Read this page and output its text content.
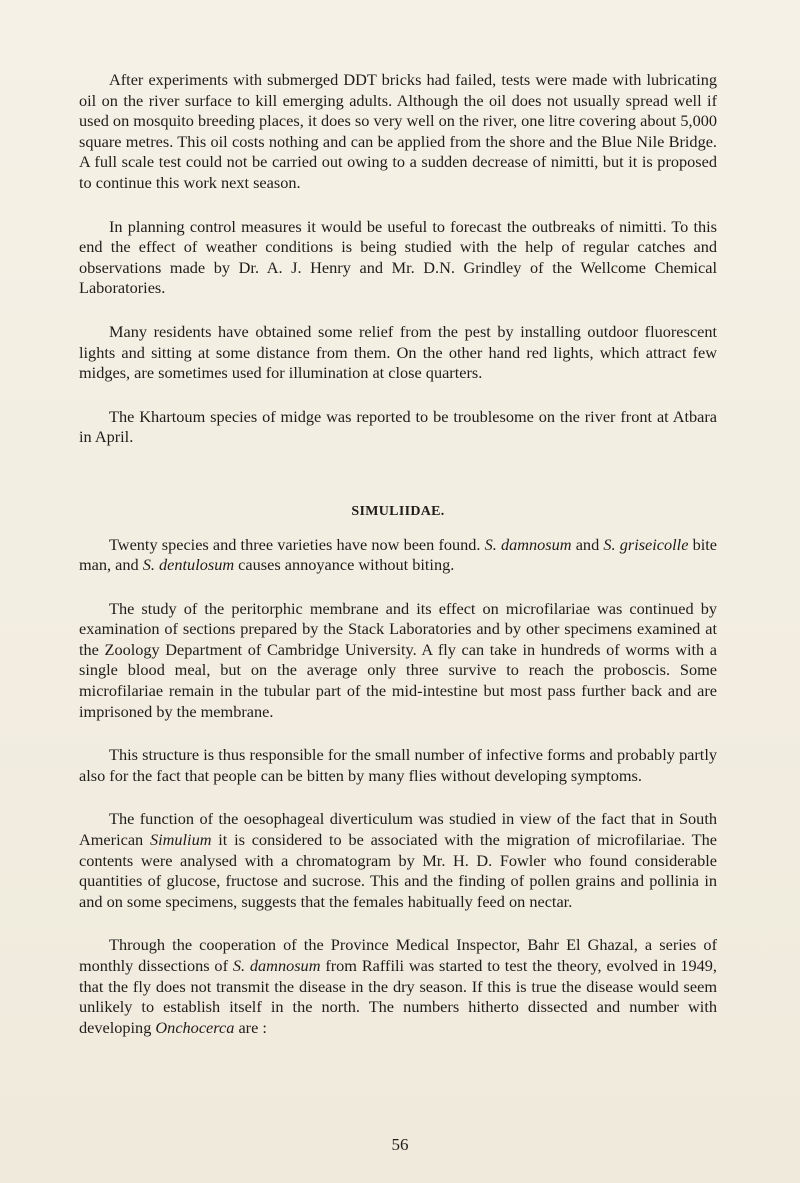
After experiments with submerged DDT bricks had failed, tests were made with lubricating oil on the river surface to kill emerging adults. Although the oil does not usually spread well if used on mosquito breeding places, it does so very well on the river, one litre covering about 5,000 square metres. This oil costs nothing and can be applied from the shore and the Blue Nile Bridge. A full scale test could not be carried out owing to a sudden decrease of nimitti, but it is proposed to continue this work next season.

In planning control measures it would be useful to forecast the outbreaks of nimitti. To this end the effect of weather conditions is being studied with the help of regular catches and observations made by Dr. A. J. Henry and Mr. D.N. Grindley of the Wellcome Chemical Laboratories.

Many residents have obtained some relief from the pest by installing outdoor fluorescent lights and sitting at some distance from them. On the other hand red lights, which attract few midges, are sometimes used for illumination at close quarters.

The Khartoum species of midge was reported to be troublesome on the river front at Atbara in April.

SIMULIIDAE.

Twenty species and three varieties have now been found. S. damnosum and S. griseicolle bite man, and S. dentulosum causes annoyance without biting.

The study of the peritorphic membrane and its effect on microfilariae was continued by examination of sections prepared by the Stack Laboratories and by other specimens examined at the Zoology Department of Cambridge University. A fly can take in hundreds of worms with a single blood meal, but on the average only three survive to reach the proboscis. Some microfilariae remain in the tubular part of the mid-intestine but most pass further back and are imprisoned by the membrane.

This structure is thus responsible for the small number of infective forms and probably partly also for the fact that people can be bitten by many flies without developing symptoms.

The function of the oesophageal diverticulum was studied in view of the fact that in South American Simulium it is considered to be associated with the migration of microfilariae. The contents were analysed with a chromatogram by Mr. H. D. Fowler who found considerable quantities of glucose, fructose and sucrose. This and the finding of pollen grains and pollinia in and on some specimens, suggests that the females habitually feed on nectar.

Through the cooperation of the Province Medical Inspector, Bahr El Ghazal, a series of monthly dissections of S. damnosum from Raffili was started to test the theory, evolved in 1949, that the fly does not transmit the disease in the dry season. If this is true the disease would seem unlikely to establish itself in the north. The numbers hitherto dissected and number with developing Onchocerca are :

56
